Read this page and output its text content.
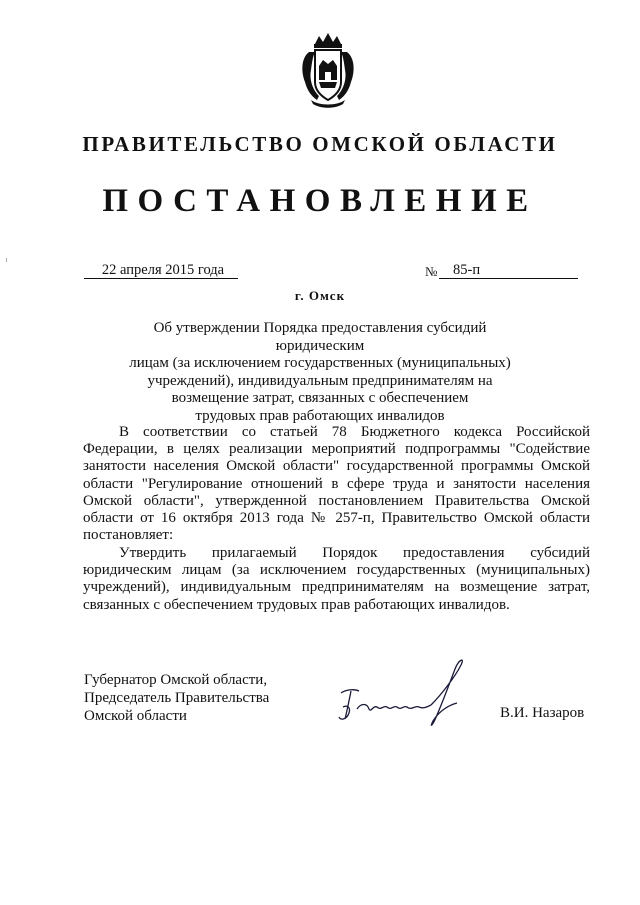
ПРАВИТЕЛЬСТВО ОМСКОЙ ОБЛАСТИ
ПОСТАНОВЛЕНИЕ
22 апреля 2015 года	№	85-п
г. Омск
Об утверждении Порядка предоставления субсидий юридическим
лицам (за исключением государственных (муниципальных)
учреждений), индивидуальным предпринимателям на
возмещение затрат, связанных с обеспечением
трудовых прав работающих инвалидов
В соответствии со статьей 78 Бюджетного кодекса Российской Федерации, в целях реализации мероприятий подпрограммы "Содействие занятости населения Омской области" государственной программы Омской области "Регулирование отношений в сфере труда и занятости населения Омской области", утвержденной постановлением Правительства Омской области от 16 октября 2013 года № 257-п, Правительство Омской области постановляет:
Утвердить прилагаемый Порядок предоставления субсидий юридическим лицам (за исключением государственных (муниципальных) учреждений), индивидуальным предпринимателям на возмещение затрат, связанных с обеспечением трудовых прав работающих инвалидов.
Губернатор Омской области,
Председатель Правительства
Омской области	В.И. Назаров
